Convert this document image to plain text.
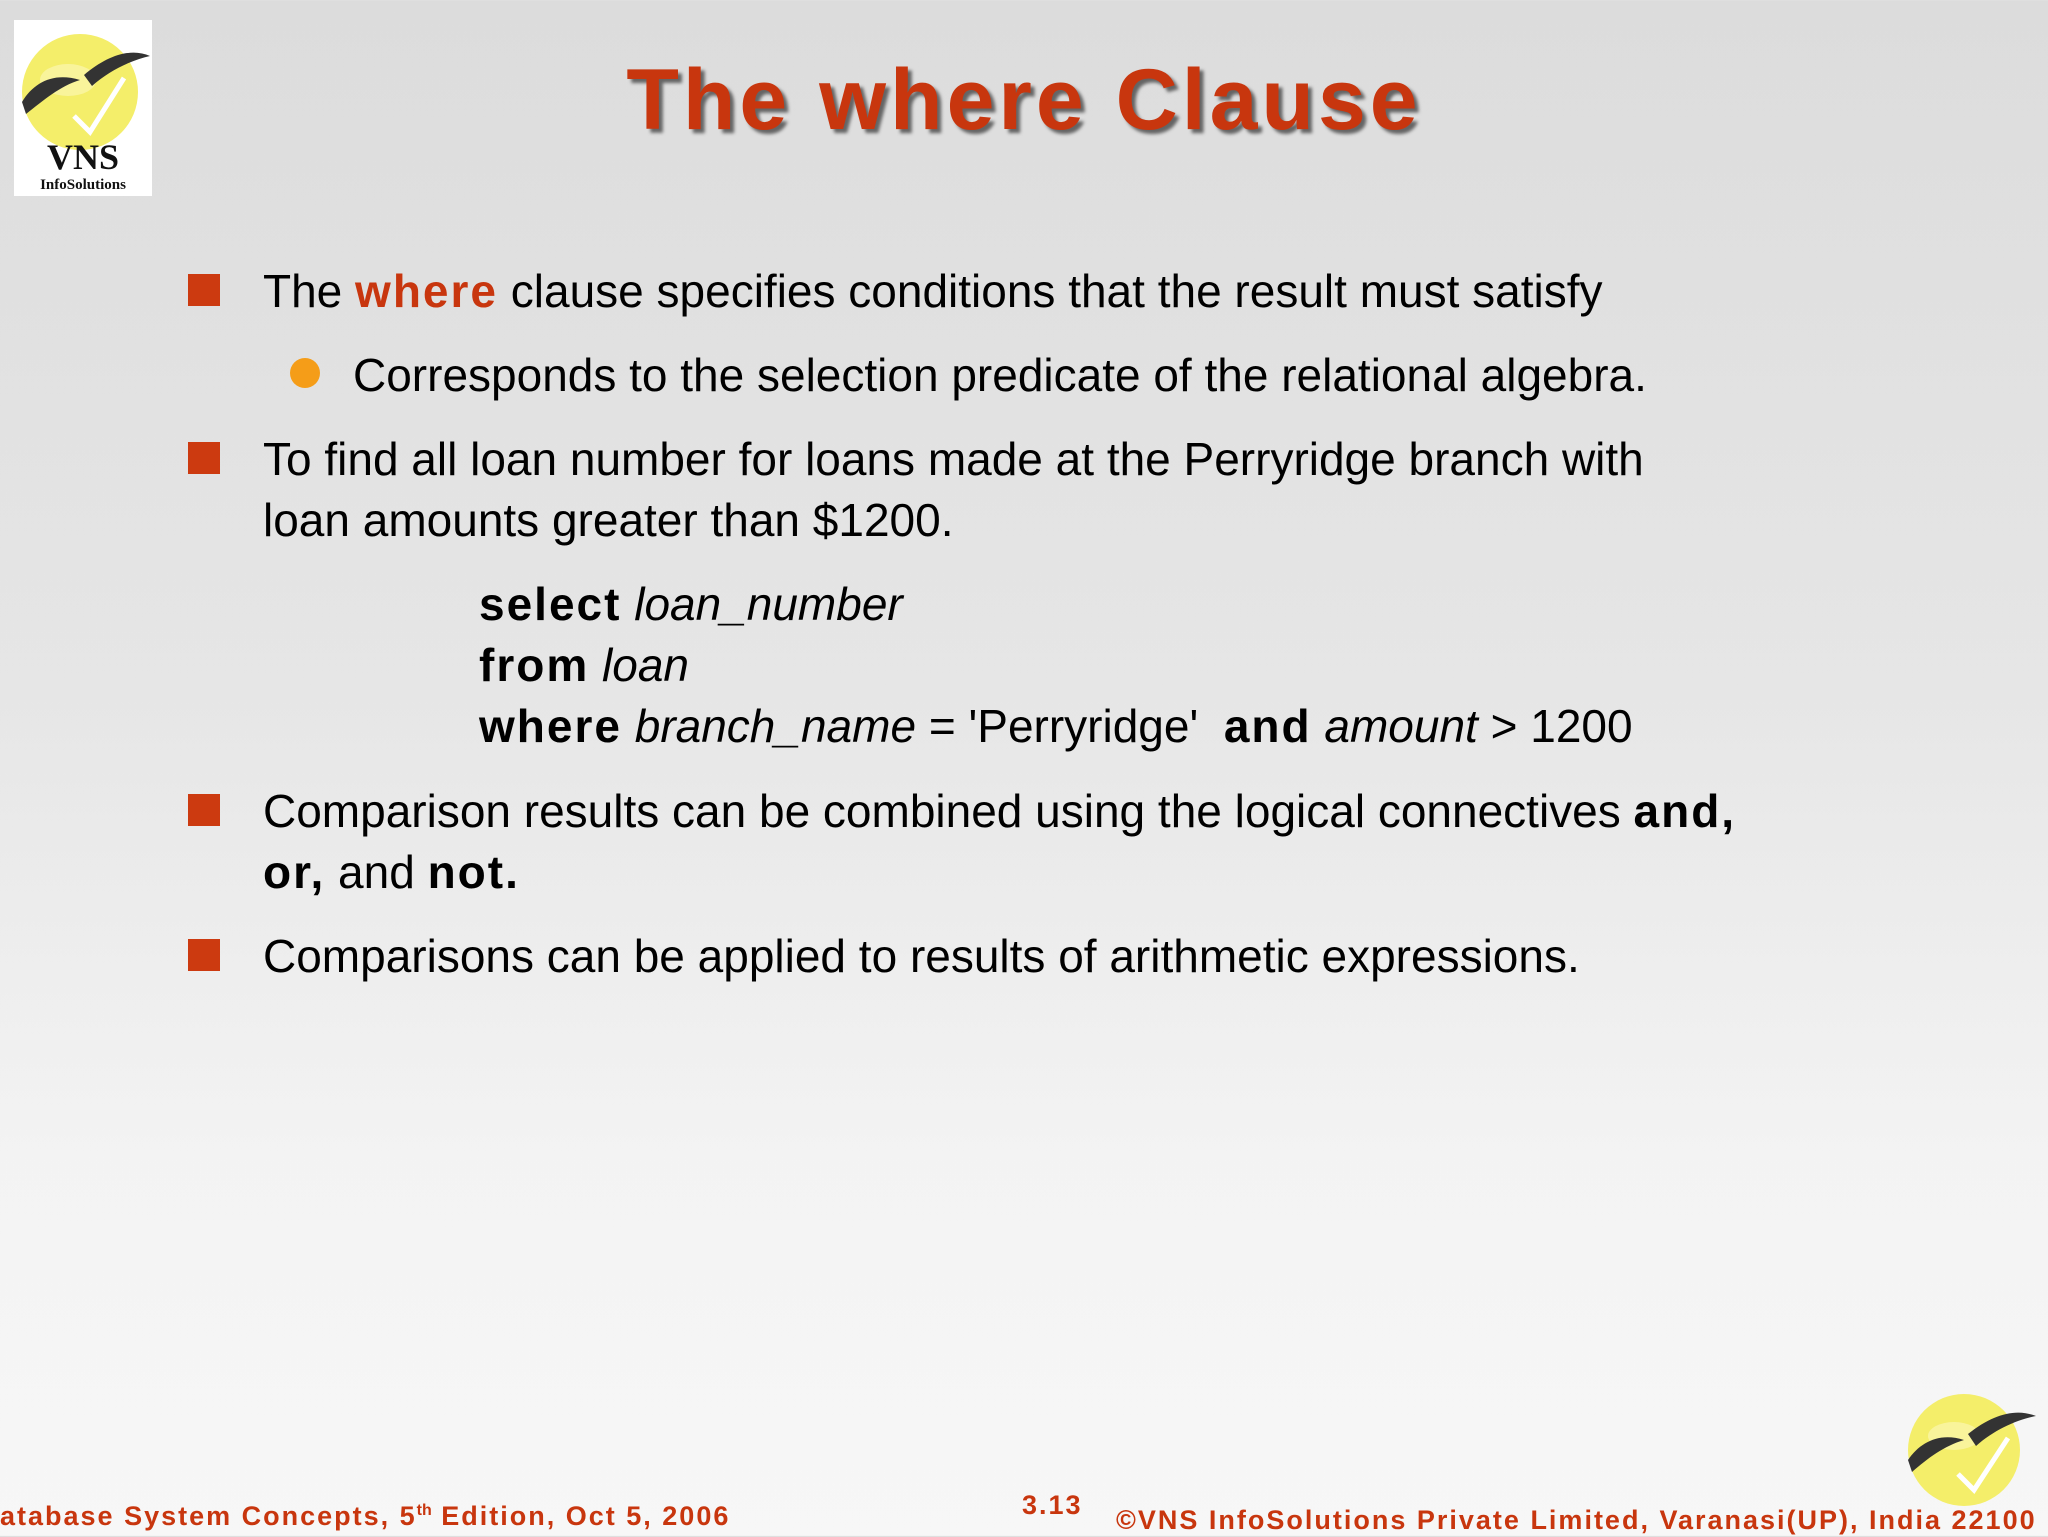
VNS
InfoSolutions
The where Clause
The where clause specifies conditions that the result must satisfy
Corresponds to the selection predicate of the relational algebra.
To find all loan number for loans made at the Perryridge branch with
loan amounts greater than $1200.
select loan_number
from loan
where branch_name = 'Perryridge' and amount > 1200
Comparison results can be combined using the logical connectives and,
or, and not.
Comparisons can be applied to results of arithmetic expressions.
atabase System Concepts, 5th Edition, Oct 5, 2006	3.13 ©VNS InfoSolutions Private Limited, Varanasi(UP), India 22100
